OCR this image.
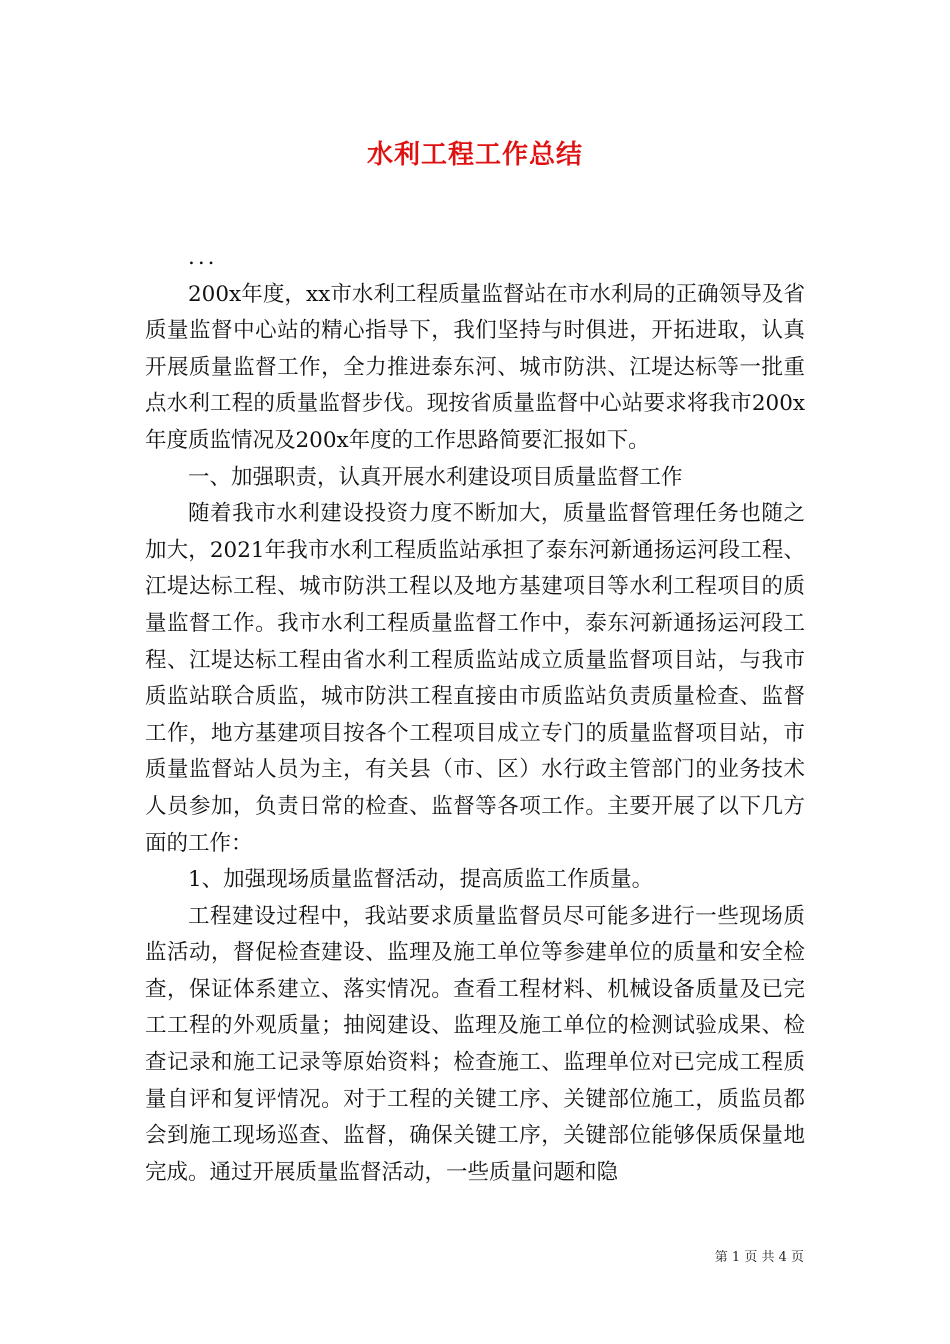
水利工程工作总结

...

200x年度，xx市水利工程质量监督站在市水利局的正确领导及省质量监督中心站的精心指导下，我们坚持与时俱进，开拓进取，认真开展质量监督工作，全力推进泰东河、城市防洪、江堤达标等一批重点水利工程的质量监督步伐。现按省质量监督中心站要求将我市200x年度质监情况及200x年度的工作思路简要汇报如下。

一、加强职责，认真开展水利建设项目质量监督工作

随着我市水利建设投资力度不断加大，质量监督管理任务也随之加大，2021年我市水利工程质监站承担了泰东河新通扬运河段工程、江堤达标工程、城市防洪工程以及地方基建项目等水利工程项目的质量监督工作。我市水利工程质量监督工作中，泰东河新通扬运河段工程、江堤达标工程由省水利工程质监站成立质量监督项目站，与我市质监站联合质监，城市防洪工程直接由市质监站负责质量检查、监督工作，地方基建项目按各个工程项目成立专门的质量监督项目站，市质量监督站人员为主，有关县（市、区）水行政主管部门的业务技术人员参加，负责日常的检查、监督等各项工作。主要开展了以下几方面的工作：

1、加强现场质量监督活动，提高质监工作质量。

工程建设过程中，我站要求质量监督员尽可能多进行一些现场质监活动，督促检查建设、监理及施工单位等参建单位的质量和安全检查，保证体系建立、落实情况。查看工程材料、机械设备质量及已完工工程的外观质量；抽阅建设、监理及施工单位的检测试验成果、检查记录和施工记录等原始资料；检查施工、监理单位对已完成工程质量自评和复评情况。对于工程的关键工序、关键部位施工，质监员都会到施工现场巡查、监督，确保关键工序，关键部位能够保质保量地完成。通过开展质量监督活动，一些质量问题和隐

第 1 页 共 4 页
